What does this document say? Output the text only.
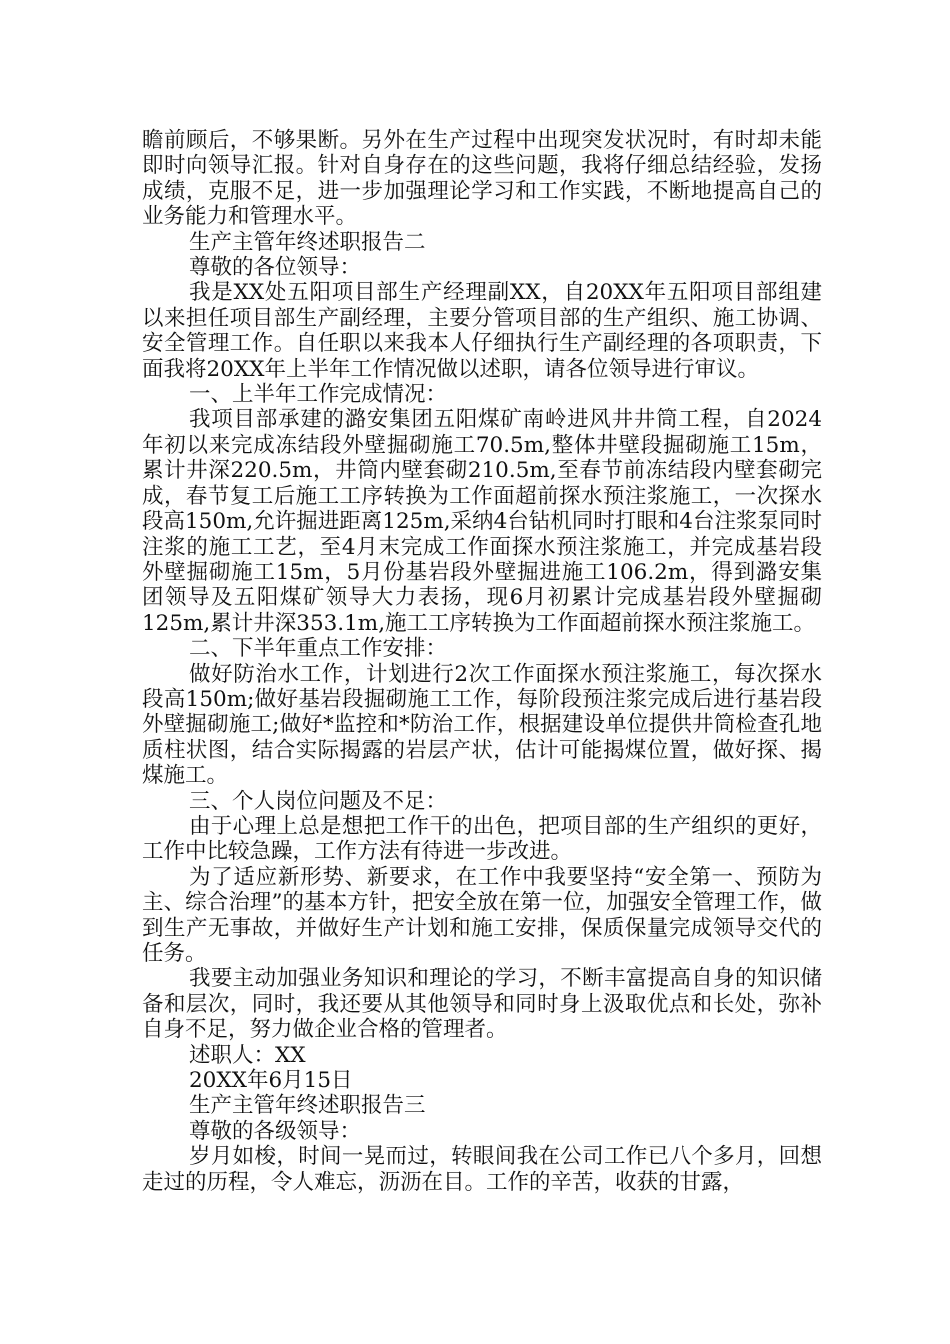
瞻前顾后，不够果断。另外在生产过程中出现突发状况时，有时却未能即时向领导汇报。针对自身存在的这些问题，我将仔细总结经验，发扬成绩，克服不足，进一步加强理论学习和工作实践，不断地提高自己的业务能力和管理水平。

生产主管年终述职报告二

尊敬的各位领导：

我是XX处五阳项目部生产经理副XX，自20XX年五阳项目部组建以来担任项目部生产副经理，主要分管项目部的生产组织、施工协调、安全管理工作。自任职以来我本人仔细执行生产副经理的各项职责，下面我将20XX年上半年工作情况做以述职，请各位领导进行审议。

一、上半年工作完成情况：

我项目部承建的潞安集团五阳煤矿南岭进风井井筒工程，自2024年初以来完成冻结段外壁掘砌施工70.5m,整体井壁段掘砌施工15m，累计井深220.5m，井筒内壁套砌210.5m,至春节前冻结段内壁套砌完成，春节复工后施工工序转换为工作面超前探水预注浆施工，一次探水段高150m,允许掘进距离125m,采纳4台钻机同时打眼和4台注浆泵同时注浆的施工工艺，至4月末完成工作面探水预注浆施工，并完成基岩段外壁掘砌施工15m，5月份基岩段外壁掘进施工106.2m，得到潞安集团领导及五阳煤矿领导大力表扬，现6月初累计完成基岩段外壁掘砌125m,累计井深353.1m,施工工序转换为工作面超前探水预注浆施工。

二、下半年重点工作安排：

做好防治水工作，计划进行2次工作面探水预注浆施工，每次探水段高150m;做好基岩段掘砌施工工作，每阶段预注浆完成后进行基岩段外壁掘砌施工;做好*监控和*防治工作，根据建设单位提供井筒检查孔地质柱状图，结合实际揭露的岩层产状，估计可能揭煤位置，做好探、揭煤施工。

三、个人岗位问题及不足：

由于心理上总是想把工作干的出色，把项目部的生产组织的更好，工作中比较急躁，工作方法有待进一步改进。

为了适应新形势、新要求，在工作中我要坚持“安全第一、预防为主、综合治理”的基本方针，把安全放在第一位，加强安全管理工作，做到生产无事故，并做好生产计划和施工安排，保质保量完成领导交代的任务。

我要主动加强业务知识和理论的学习，不断丰富提高自身的知识储备和层次，同时，我还要从其他领导和同时身上汲取优点和长处，弥补自身不足，努力做企业合格的管理者。

述职人：XX

20XX年6月15日

生产主管年终述职报告三

尊敬的各级领导：

岁月如梭，时间一晃而过，转眼间我在公司工作已八个多月，回想走过的历程，令人难忘，沥沥在目。工作的辛苦，收获的甘露，
